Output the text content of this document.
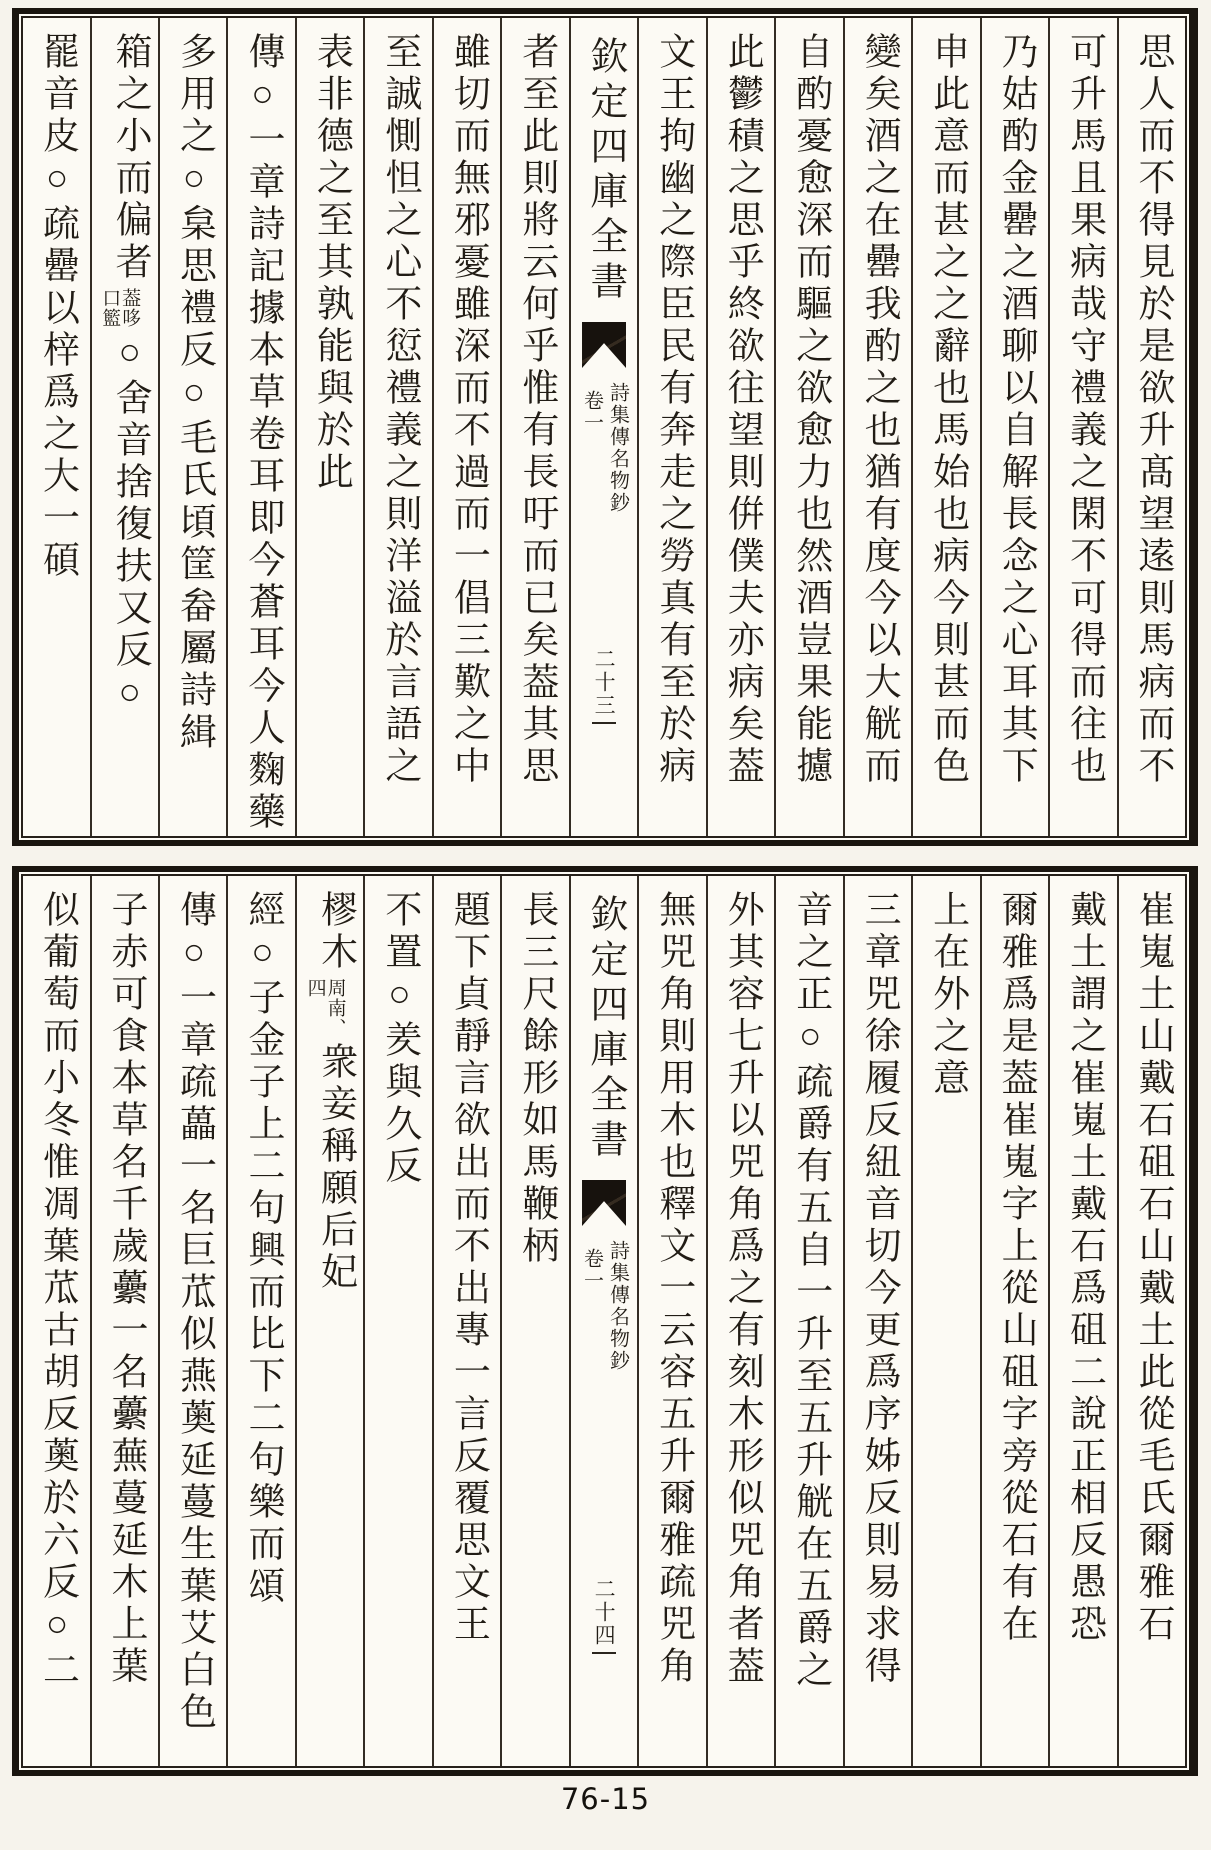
思人而不得見於是欲升髙望逺則馬病而不
可升馬且果病哉守禮義之閑不可得而往也
乃姑酌金罍之酒聊以自解長念之心耳其下
申此意而甚之之辭也馬始也病今則甚而色
變矣酒之在罍我酌之也猶有度今以大觥而
自酌憂愈深而驅之欲愈力也然酒豈果能攄
此鬱積之思乎終欲往望則倂僕夫亦病矣葢
文王拘幽之際臣民有奔走之勞真有至於病
欽定四庫全書
詩集傳名物鈔
卷一
二十三
者至此則將云何乎惟有長吁而已矣葢其思
雖切而無邪憂雖深而不過而一倡三歎之中
至誠惻怛之心不愆禮義之則洋溢於言語之
表非德之至其孰能與於此
傳○一章詩記據本草卷耳即今蒼耳今人麴藥
多用之○枲思禮反○毛氏頃筐畚屬詩緝
箱之小而偏者
葢哆
口籃
○舍音捨復扶又反○
罷音皮○疏罍以梓爲之大一碩
崔嵬土山戴石砠石山戴土此從毛氏爾雅石
戴土謂之崔嵬土戴石爲砠二說正相反愚恐
爾雅爲是葢崔嵬字上從山砠字旁從石有在
上在外之意
三章兕徐履反紐音切今更爲序姊反則易求得
音之正○疏爵有五自一升至五升觥在五爵之
外其容七升以兕角爲之有刻木形似兕角者葢
無兕角則用木也釋文一云容五升爾雅疏兕角
欽定四庫全書
詩集傳名物鈔
卷一
二十四
長三尺餘形如馬鞭柄
題下貞靜言欲出而不出專一言反覆思文王
不置○羑與久反
樛木
周南、
四
衆妾稱願后妃
經○子金子上二句興而比下二句樂而頌
傳○一章疏藟一名巨苽似燕薁延蔓生葉艾白色
子赤可食本草名千歲虆一名虆蕪蔓延木上葉
似葡萄而小冬惟凋葉苽古胡反薁於六反○二
76-15
